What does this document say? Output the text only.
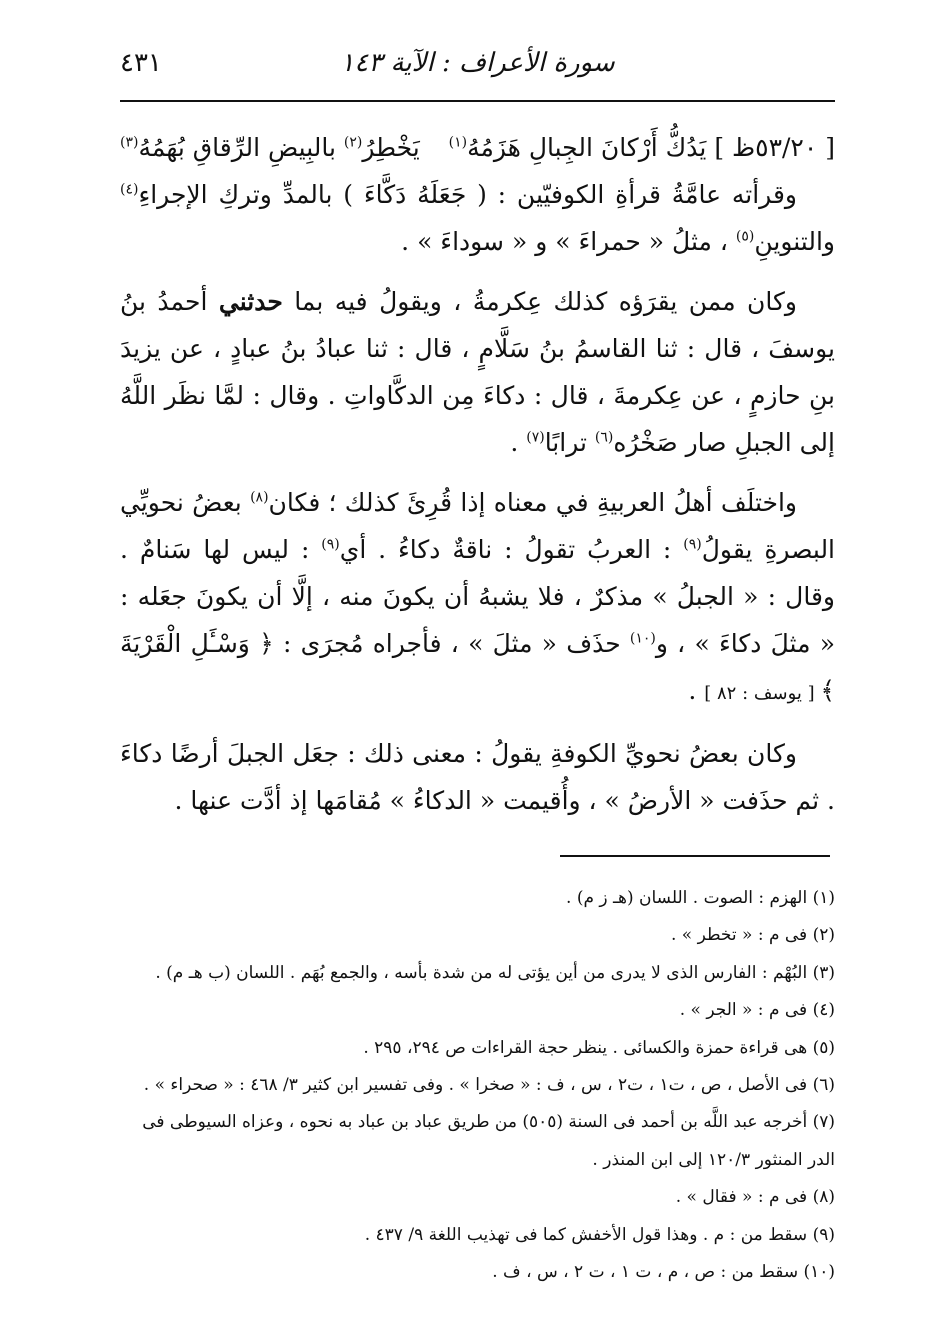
سورة الأعراف : الآية ١٤٣
٤٣١
[ ٥٣/٢٠ظ ] يَدُكُّ أَرْكانَ الجِبالِ هَزَمُهُ$^{(١)}$
يَخْطِرُ$^{(٢)}$ بالبِيضِ الرِّقاقِ بُهَمُهُ$^{(٣)}$

وقرأته عامَّةُ قرأةِ الكوفيّين : ( جَعَلَهُ دَكَّاءَ ) بالمدِّ وتركِ الإجراءِ$^{(٤)}$ والتنوينِ$^{(٥)}$ ، مثلُ « حمراءَ » و « سوداءَ » .

وكان ممن يقرَؤه كذلك عِكرمةُ ، ويقولُ فيه بما حدثني أحمدُ بنُ يوسفَ ، قال : ثنا القاسمُ بنُ سَلَّامٍ ، قال : ثنا عبادُ بنُ عبادٍ ، عن يزيدَ بنِ حازمٍ ، عن عِكرمةَ ، قال : دكاءَ مِن الدكَّاواتِ . وقال : لمَّا نظَر اللَّهُ إلى الجبلِ صار صَخْرُه$^{(٦)}$ ترابًا$^{(٧)}$ .

واختلَف أهلُ العربيةِ في معناه إذا قُرِئَ كذلك ؛ فكان$^{(٨)}$ بعضُ نحويِّي البصرةِ يقولُ$^{(٩)}$ : العربُ تقولُ : ناقةٌ دكاءُ . أي$^{(٩)}$ : ليس لها سَنامٌ . وقال : « الجبلُ » مذكرٌ ، فلا يشبهُ أن يكونَ منه ، إلَّا أن يكونَ جعَله : « مثلَ دكاءَ » ، و$^{(١٠)}$ حذَف « مثلَ » ، فأجراه مُجرَى : ﴿ وَسْـَٔلِ الْقَرْيَةَ ﴾ [ يوسف : ٨٢ ] .

وكان بعضُ نحويِّ الكوفةِ يقولُ : معنى ذلك : جعَل الجبلَ أرضًا دكاءَ . ثم حذَفت « الأرضُ » ، وأُقيمت « الدكاءُ » مُقامَها إذ أدَّت عنها .

(١) الهزم : الصوت . اللسان (هـ ز م) .
(٢) فى م : « تخطر » .
(٣) البُهْم : الفارس الذى لا يدرى من أين يؤتى له من شدة بأسه ، والجمع بُهَم . اللسان (ب هـ م) .
(٤) فى م : « الجر » .
(٥) هى قراءة حمزة والكسائى . ينظر حجة القراءات ص ٢٩٤، ٢٩٥ .
(٦) فى الأصل ، ص ، ت١ ، ت٢ ، س ، ف : « صخرا » . وفى تفسير ابن كثير ٣/ ٤٦٨ : « صحراء » .
(٧) أخرجه عبد اللَّه بن أحمد فى السنة (٥٠٥) من طريق عباد بن عباد به نحوه ، وعزاه السيوطى فى الدر المنثور ١٢٠/٣ إلى ابن المنذر .
(٨) فى م : « فقال » .
(٩) سقط من : م . وهذا قول الأخفش كما فى تهذيب اللغة ٩/ ٤٣٧ .
(١٠) سقط من : ص ، م ، ت ١ ، ت ٢ ، س ، ف .
